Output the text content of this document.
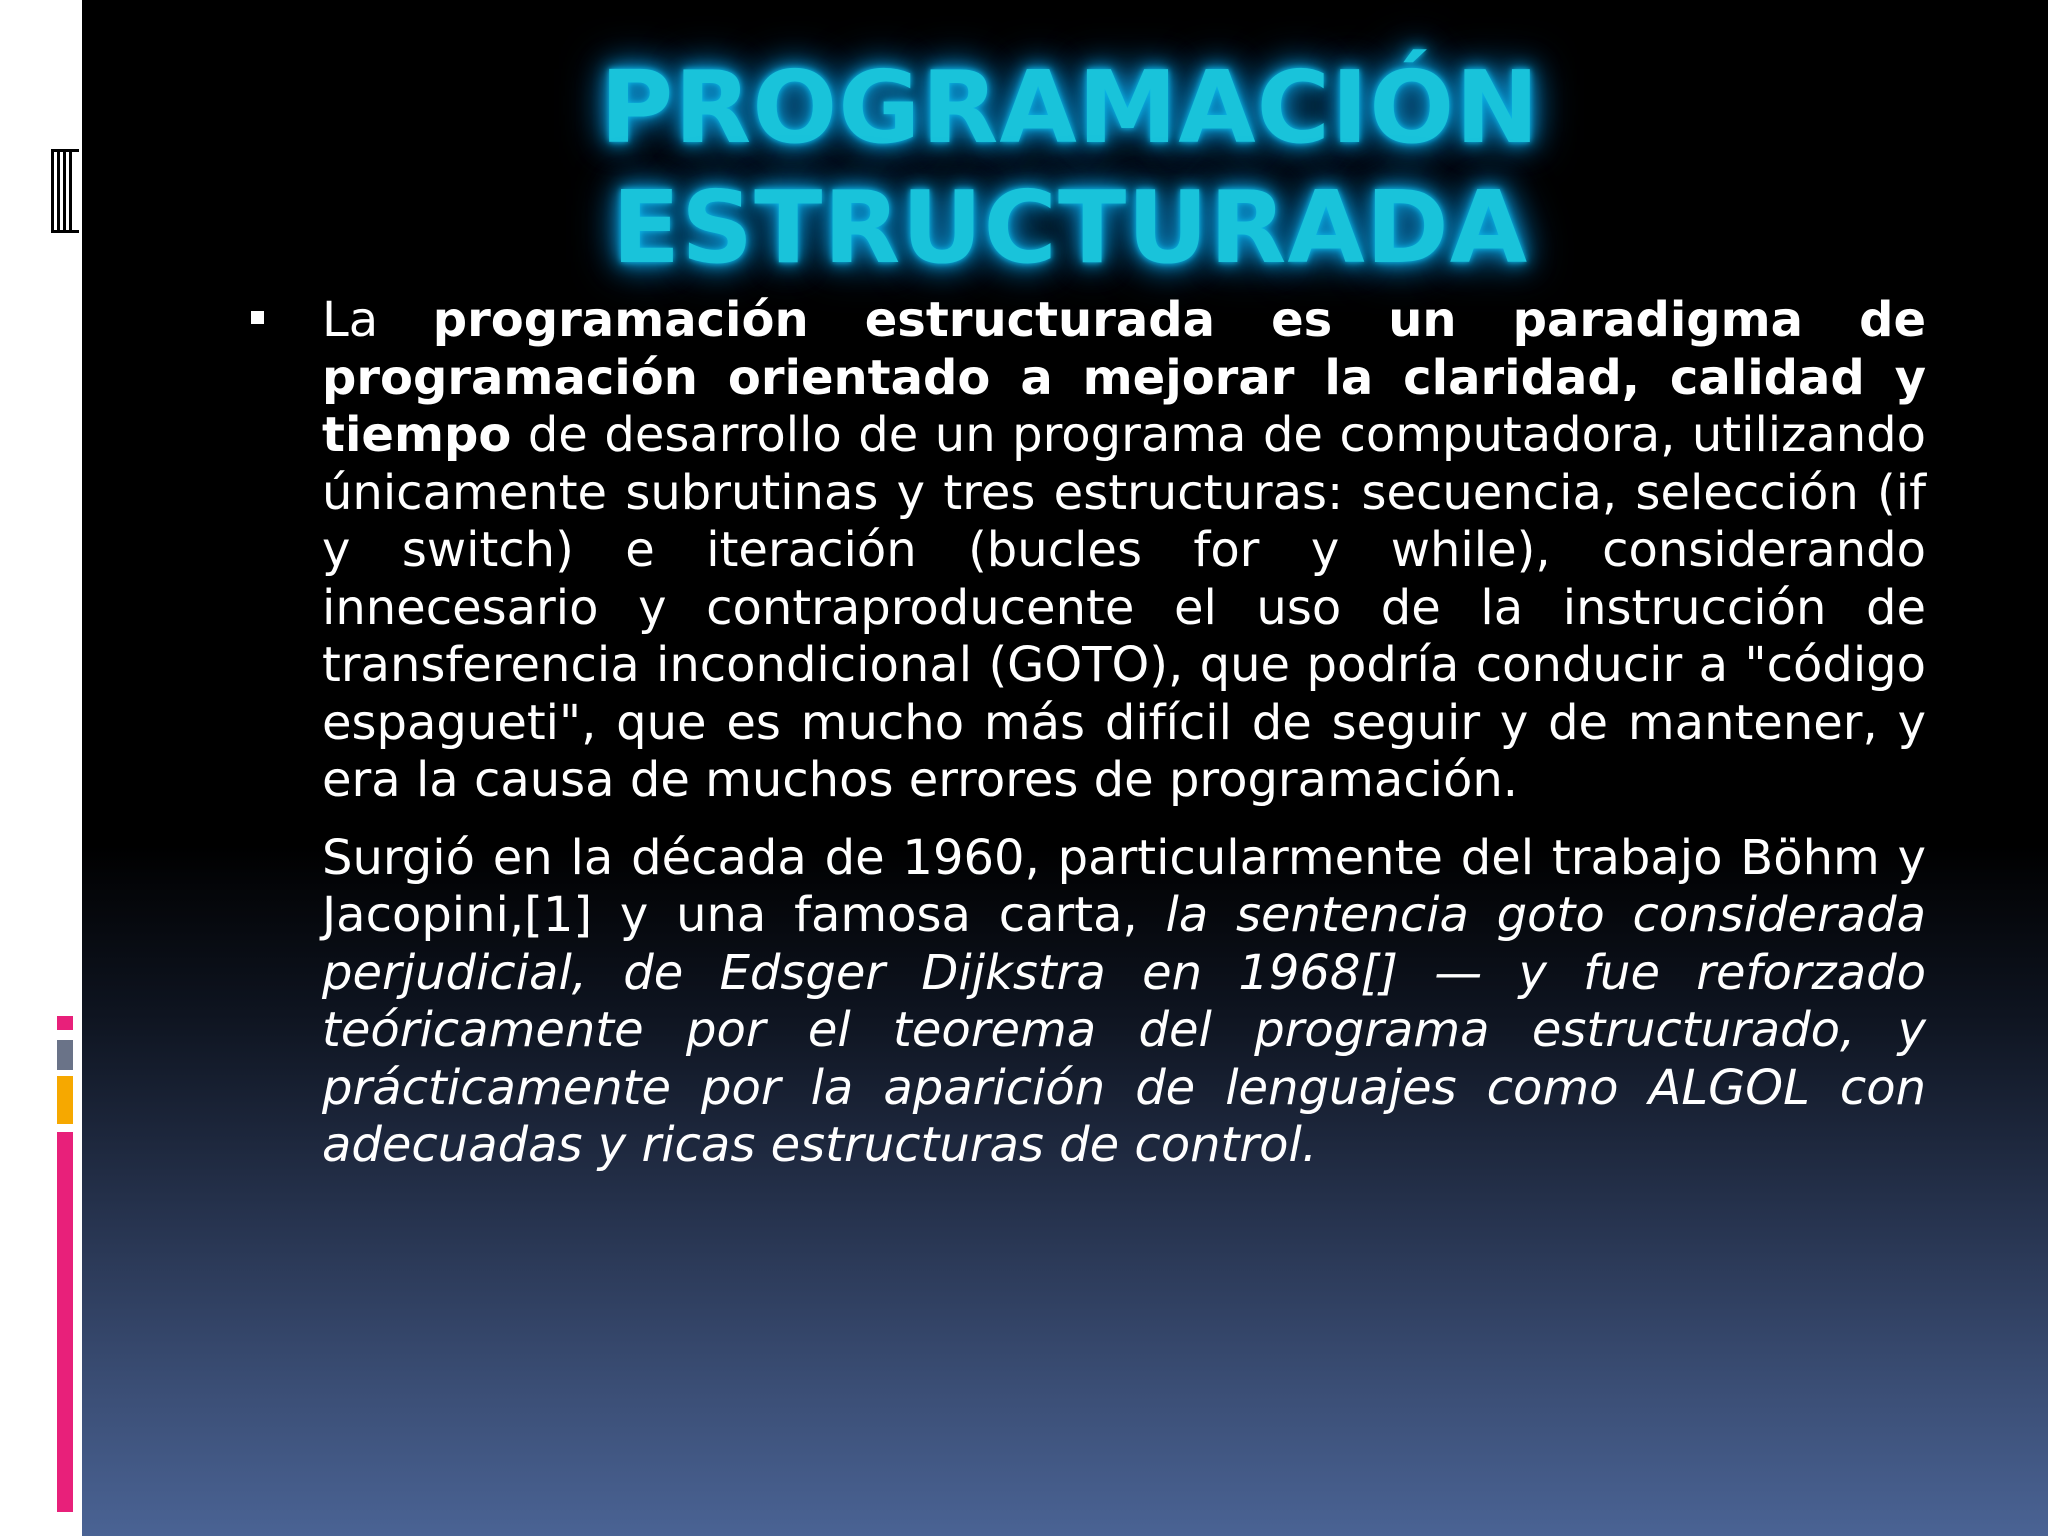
PROGRAMACIÓN ESTRUCTURADA

La programación estructurada es un paradigma de programación orientado a mejorar la claridad, calidad y tiempo de desarrollo de un programa de computadora, utilizando únicamente subrutinas y tres estructuras: secuencia, selección (if y switch) e iteración (bucles for y while), considerando innecesario y contraproducente el uso de la instrucción de transferencia incondicional (GOTO), que podría conducir a "código espagueti", que es mucho más difícil de seguir y de mantener, y era la causa de muchos errores de programación.

Surgió en la década de 1960, particularmente del trabajo Böhm y Jacopini,[1] y una famosa carta, la sentencia goto considerada perjudicial, de Edsger Dijkstra en 1968[] — y fue reforzado teóricamente por el teorema del programa estructurado, y prácticamente por la aparición de lenguajes como ALGOL con adecuadas y ricas estructuras de control.
